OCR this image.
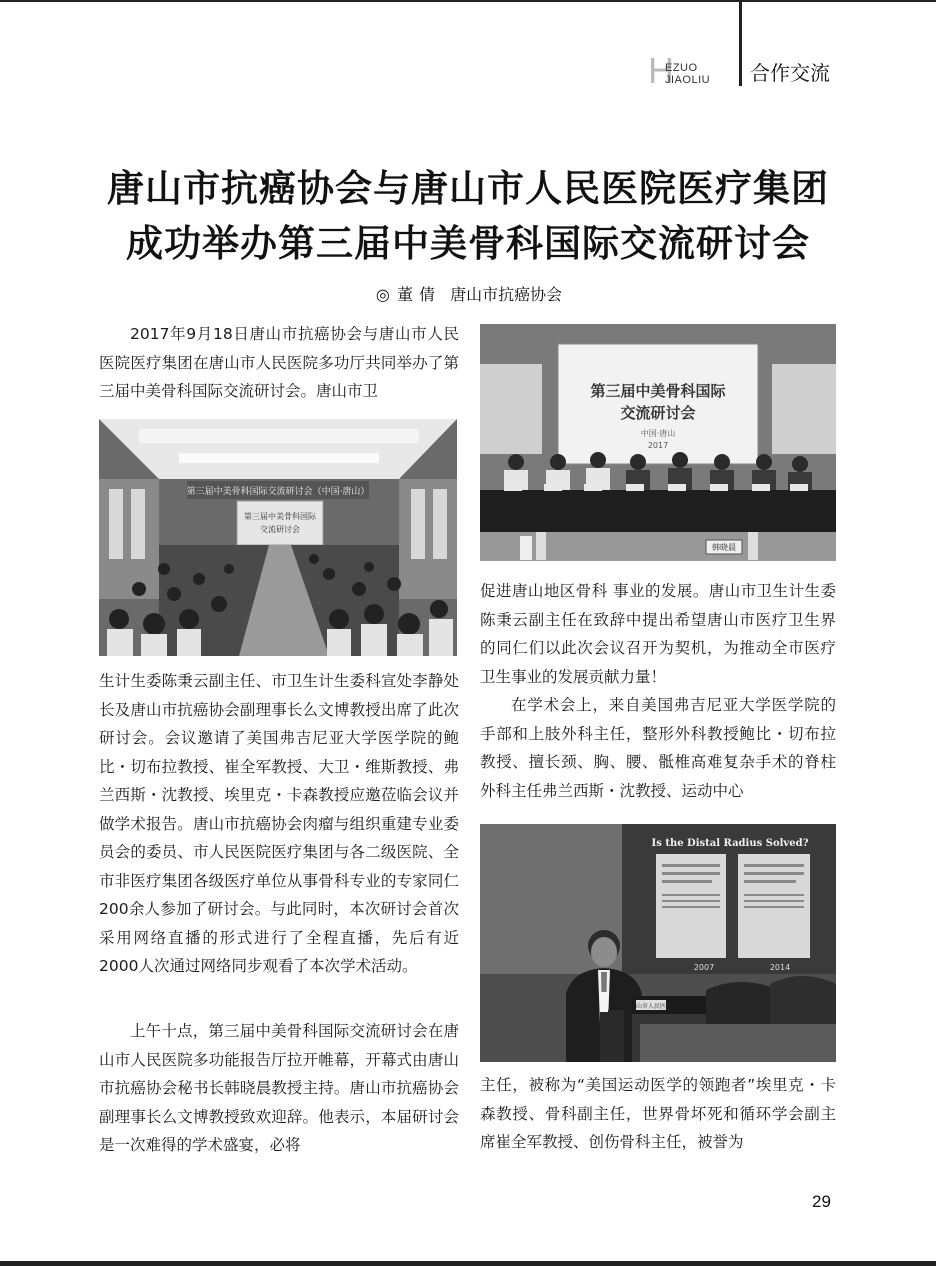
H
EZUO
JIAOLIU 合作交流
唐山市抗癌协会与唐山市人民医院医疗集团
成功举办第三届中美骨科国际交流研讨会
◎ 董倩 唐山市抗癌协会

2017年9月18日唐山市抗癌协会与唐山市人民医院医疗集团在唐山市人民医院多功厅共同举办了第三届中美骨科国际交流研讨会。唐山市卫

第三届中美骨科国际交流研讨会（中国·唐山）
第三届中美骨科国际
交流研讨会

生计生委陈秉云副主任、市卫生计生委科宣处李静处长及唐山市抗癌协会副理事长么文博教授出席了此次研讨会。会议邀请了美国弗吉尼亚大学医学院的鲍比・切布拉教授、崔全军教授、大卫・维斯教授、弗兰西斯・沈教授、埃里克・卡森教授应邀莅临会议并做学术报告。唐山市抗癌协会肉瘤与组织重建专业委员会的委员、市人民医院医疗集团与各二级医院、全市非医疗集团各级医疗单位从事骨科专业的专家同仁200余人参加了研讨会。与此同时，本次研讨会首次采用网络直播的形式进行了全程直播，先后有近2000人次通过网络同步观看了本次学术活动。

上午十点，第三届中美骨科国际交流研讨会在唐山市人民医院多功能报告厅拉开帷幕，开幕式由唐山市抗癌协会秘书长韩晓晨教授主持。唐山市抗癌协会副理事长么文博教授致欢迎辞。他表示，本届研讨会是一次难得的学术盛宴，必将

第三届中美骨科国际
交流研讨会
中国·唐山
2017
韩晓晨

促进唐山地区骨科 事业的发展。唐山市卫生计生委陈秉云副主任在致辞中提出希望唐山市医疗卫生界的同仁们以此次会议召开为契机，为推动全市医疗卫生事业的发展贡献力量！

在学术会上，来自美国弗吉尼亚大学医学院的手部和上肢外科主任，整形外科教授鲍比・切布拉教授、擅长颈、胸、腰、骶椎高难复杂手术的脊柱外科主任弗兰西斯・沈教授、运动中心

Is the Distal Radius Solved?
2007	2014
唐山市人民医院

主任，被称为“美国运动医学的领跑者”埃里克・卡森教授、骨科副主任，世界骨坏死和循环学会副主席崔全军教授、创伤骨科主任，被誉为

29
